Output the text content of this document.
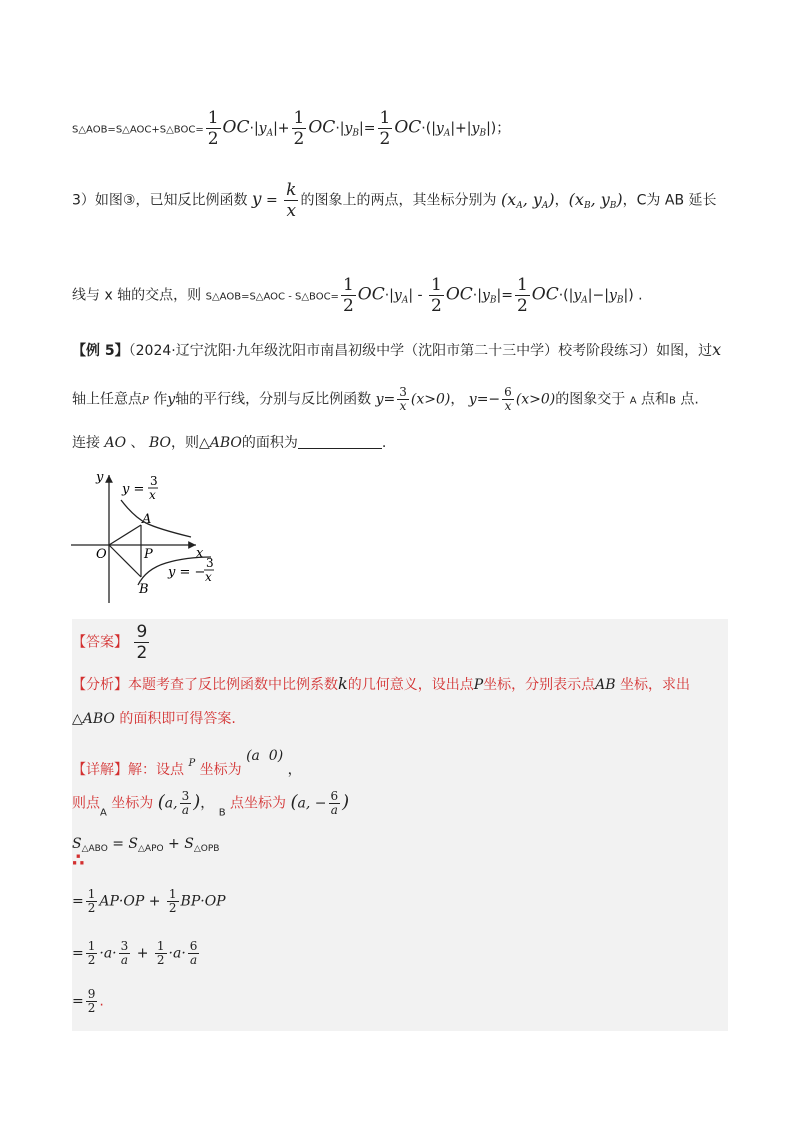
S△AOB=S△AOC+S△BOC= $\frac{1}{2} OC\cdot|y_A|+ \frac{1}{2} OC\cdot|y_B|= \frac{1}{2} OC\cdot(|y_A|+|y_B|)$；
3）如图③，已知反比例函数 $y = \frac{k}{x}$ 的图象上的两点，其坐标分别为 ($x_A$, $y_A$)，($x_B$, $y_B$)，C为 AB 延长
线与 x 轴的交点，则 S△AOB=S△AOC - S△BOC= $\frac{1}{2} OC\cdot|y_A| - \frac{1}{2} OC\cdot|y_B|= \frac{1}{2} OC\cdot(|y_A|-|y_B|)$ .
【例 5】（2024·辽宁沈阳·九年级沈阳市南昌初级中学（沈阳市第二十三中学）校考阶段练习）如图，过x
轴上任意点P 作y轴的平行线，分别与反比例函数 $y= \frac{3}{x} (x>0)$， $y=- \frac{6}{x} (x>0)$的图象交于 A 点和B 点.
连接 AO 、 BO，则△ABO的面积为	.
y
x
O
A
P
B
y =
3
x
y = −
3
x
【答案】 $\frac{9}{2}$
【分析】本题考查了反比例函数中比例系数k的几何意义，设出点P坐标，分别表示点AB 坐标，求出
△ABO 的面积即可得答案.
【详解】解：设点 $^P$ 坐标为 (a  0) ，
则点$_A$ 坐标为 (a, $\frac{3}{a}$ )， $_B$ 点坐标为 (a, − $\frac{6}{a}$ )
$S_{\triangle ABO} = S_{\triangle APO} + S_{\triangle OPB}$
∴
= $\frac{1}{2} AP\cdot OP + \frac{1}{2} BP\cdot OP$
= $\frac{1}{2} \cdot a\cdot \frac{3}{a} + \frac{1}{2} \cdot a\cdot \frac{6}{a}$
= $\frac{9}{2}$ .
